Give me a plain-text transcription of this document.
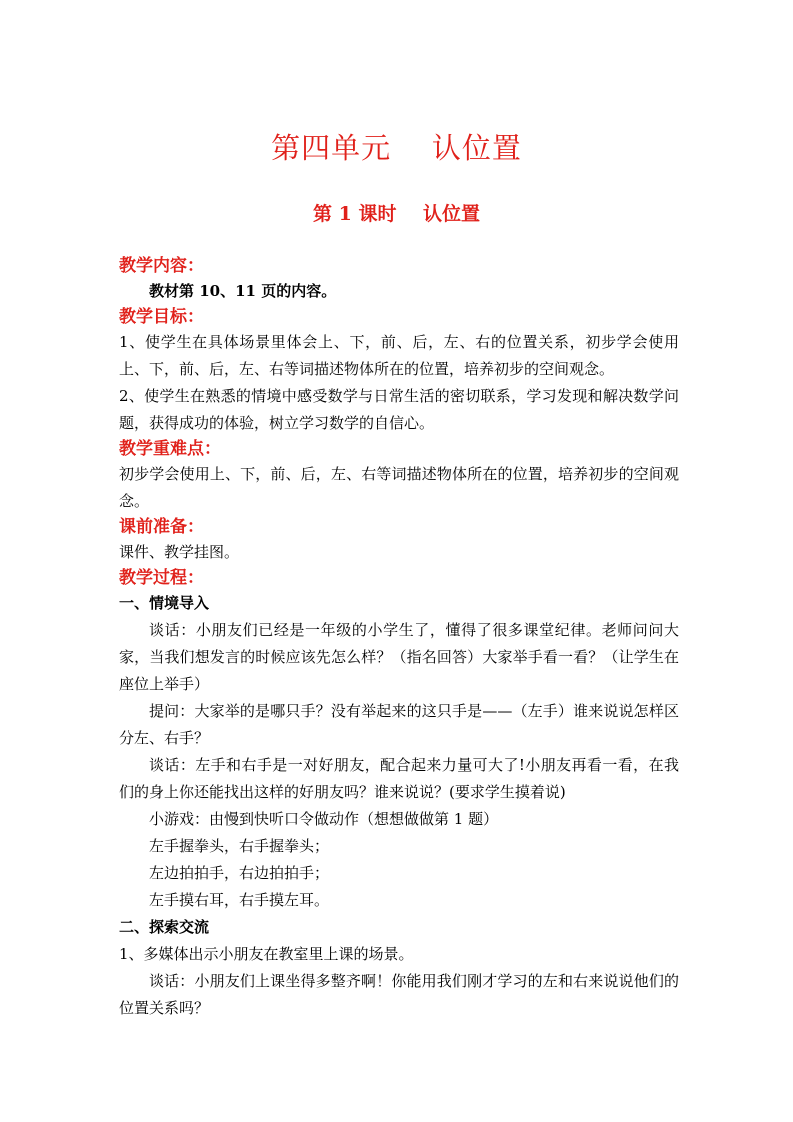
第四单元    认位置
第 1 课时    认位置
教学内容：
教材第 10、11 页的内容。
教学目标：
1、使学生在具体场景里体会上、下，前、后，左、右的位置关系，初步学会使用上、下，前、后，左、右等词描述物体所在的位置，培养初步的空间观念。
2、使学生在熟悉的情境中感受数学与日常生活的密切联系，学习发现和解决数学问题，获得成功的体验，树立学习数学的自信心。
教学重难点：
初步学会使用上、下，前、后，左、右等词描述物体所在的位置，培养初步的空间观念。
课前准备：
课件、教学挂图。
教学过程：
一、情境导入
谈话：小朋友们已经是一年级的小学生了，懂得了很多课堂纪律。老师问问大家，当我们想发言的时候应该先怎么样？（指名回答）大家举手看一看？（让学生在座位上举手）
提问：大家举的是哪只手？没有举起来的这只手是——（左手）谁来说说怎样区分左、右手？
谈话：左手和右手是一对好朋友，配合起来力量可大了!小朋友再看一看，在我们的身上你还能找出这样的好朋友吗？谁来说说？(要求学生摸着说)
小游戏：由慢到快听口令做动作（想想做做第 1 题）
左手握拳头，右手握拳头；
左边拍拍手，右边拍拍手；
左手摸右耳，右手摸左耳。
二、探索交流
1、多媒体出示小朋友在教室里上课的场景。
谈话：小朋友们上课坐得多整齐啊！你能用我们刚才学习的左和右来说说他们的位置关系吗？
